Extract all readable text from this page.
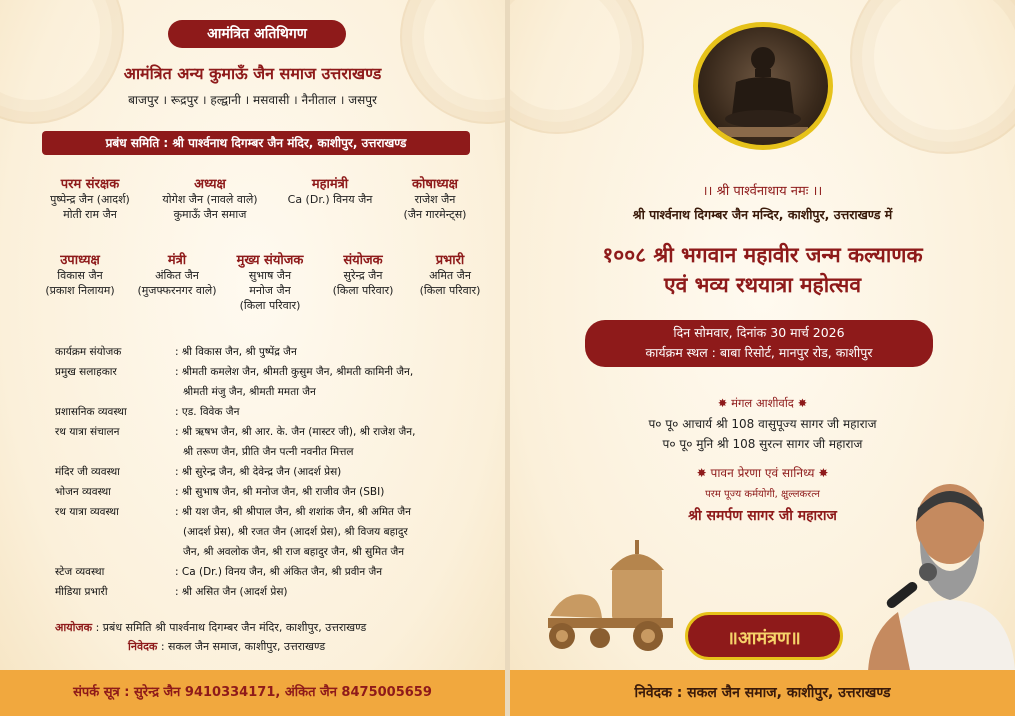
आमंत्रित अतिथिगण
आमंत्रित अन्य कुमाऊँ जैन समाज उत्तराखण्ड
बाजपुर । रूद्रपुर । हल्द्वानी । मसवासी । नैनीताल । जसपुर
प्रबंध समिति : श्री पार्श्वनाथ दिगम्बर जैन मंदिर, काशीपुर, उत्तराखण्ड
परम संरक्षक
पुष्पेन्द्र जैन (आदर्श)
मोती राम जैन
अध्यक्ष
योगेश जैन (नावले वाले)
कुमाऊँ जैन समाज
महामंत्री
Ca (Dr.) विनय जैन
कोषाध्यक्ष
राजेश जैन
(जैन गारमेन्ट्स)
उपाध्यक्ष
विकास जैन
(प्रकाश निलायम)
मंत्री
अंकित जैन
(मुजफ्फरनगर वाले)
मुख्य संयोजक
सुभाष जैन
मनोज जैन
(किला परिवार)
संयोजक
सुरेन्द्र जैन
(किला परिवार)
प्रभारी
अमित जैन
(किला परिवार)
कार्यक्रम संयोजक	: श्री विकास जैन, श्री पुष्पेंद्र जैन
प्रमुख सलाहकार	: श्रीमती कमलेश जैन, श्रीमती कुसुम जैन, श्रीमती कामिनी जैन,
श्रीमती मंजु जैन, श्रीमती ममता जैन
प्रशासनिक व्यवस्था	: एड. विवेक जैन
रथ यात्रा संचालन	: श्री ऋषभ जैन, श्री आर. के. जैन (मास्टर जी), श्री राजेश जैन,
श्री तरूण जैन, प्रीति जैन पत्नी नवनीत मित्तल
मंदिर जी व्यवस्था	: श्री सुरेन्द्र जैन, श्री देवेन्द्र जैन (आदर्श प्रेस)
भोजन व्यवस्था	: श्री सुभाष जैन, श्री मनोज जैन, श्री राजीव जैन (SBI)
रथ यात्रा व्यवस्था	: श्री यश जैन, श्री श्रीपाल जैन, श्री शशांक जैन, श्री अमित जैन
(आदर्श प्रेस), श्री रजत जैन (आदर्श प्रेस), श्री विजय बहादुर
जैन, श्री अवलोक जैन, श्री राज बहादुर जैन, श्री सुमित जैन
स्टेज व्यवस्था	: Ca (Dr.) विनय जैन, श्री अंकित जैन, श्री प्रवीन जैन
मीडिया प्रभारी	: श्री असित जैन (आदर्श प्रेस)
आयोजक : प्रबंध समिति श्री पार्श्वनाथ दिगम्बर जैन मंदिर, काशीपुर, उत्तराखण्ड
निवेदक : सकल जैन समाज, काशीपुर, उत्तराखण्ड
संपर्क सूत्र : सुरेन्द्र जैन 9410334171, अंकित जैन 8475005659
।। श्री पार्श्वनाथाय नमः ।।
श्री पार्श्वनाथ दिगम्बर जैन मन्दिर, काशीपुर, उत्तराखण्ड में
१००८ श्री भगवान महावीर जन्म कल्याणक
एवं भव्य रथयात्रा महोत्सव
दिन सोमवार, दिनांक 30 मार्च 2026
कार्यक्रम स्थल : बाबा रिसोर्ट, मानपुर रोड, काशीपुर
✸ मंगल आशीर्वाद ✸
प० पू० आचार्य श्री 108 वासुपूज्य सागर जी महाराज
प० पू० मुनि श्री 108 सुरत्न सागर जी महाराज
✸ पावन प्रेरणा एवं सानिध्य ✸
परम पूज्य कर्मयोगी, क्षुल्लकरत्न
श्री समर्पण सागर जी महाराज
॥आमंत्रण॥
निवेदक : सकल जैन समाज, काशीपुर, उत्तराखण्ड
